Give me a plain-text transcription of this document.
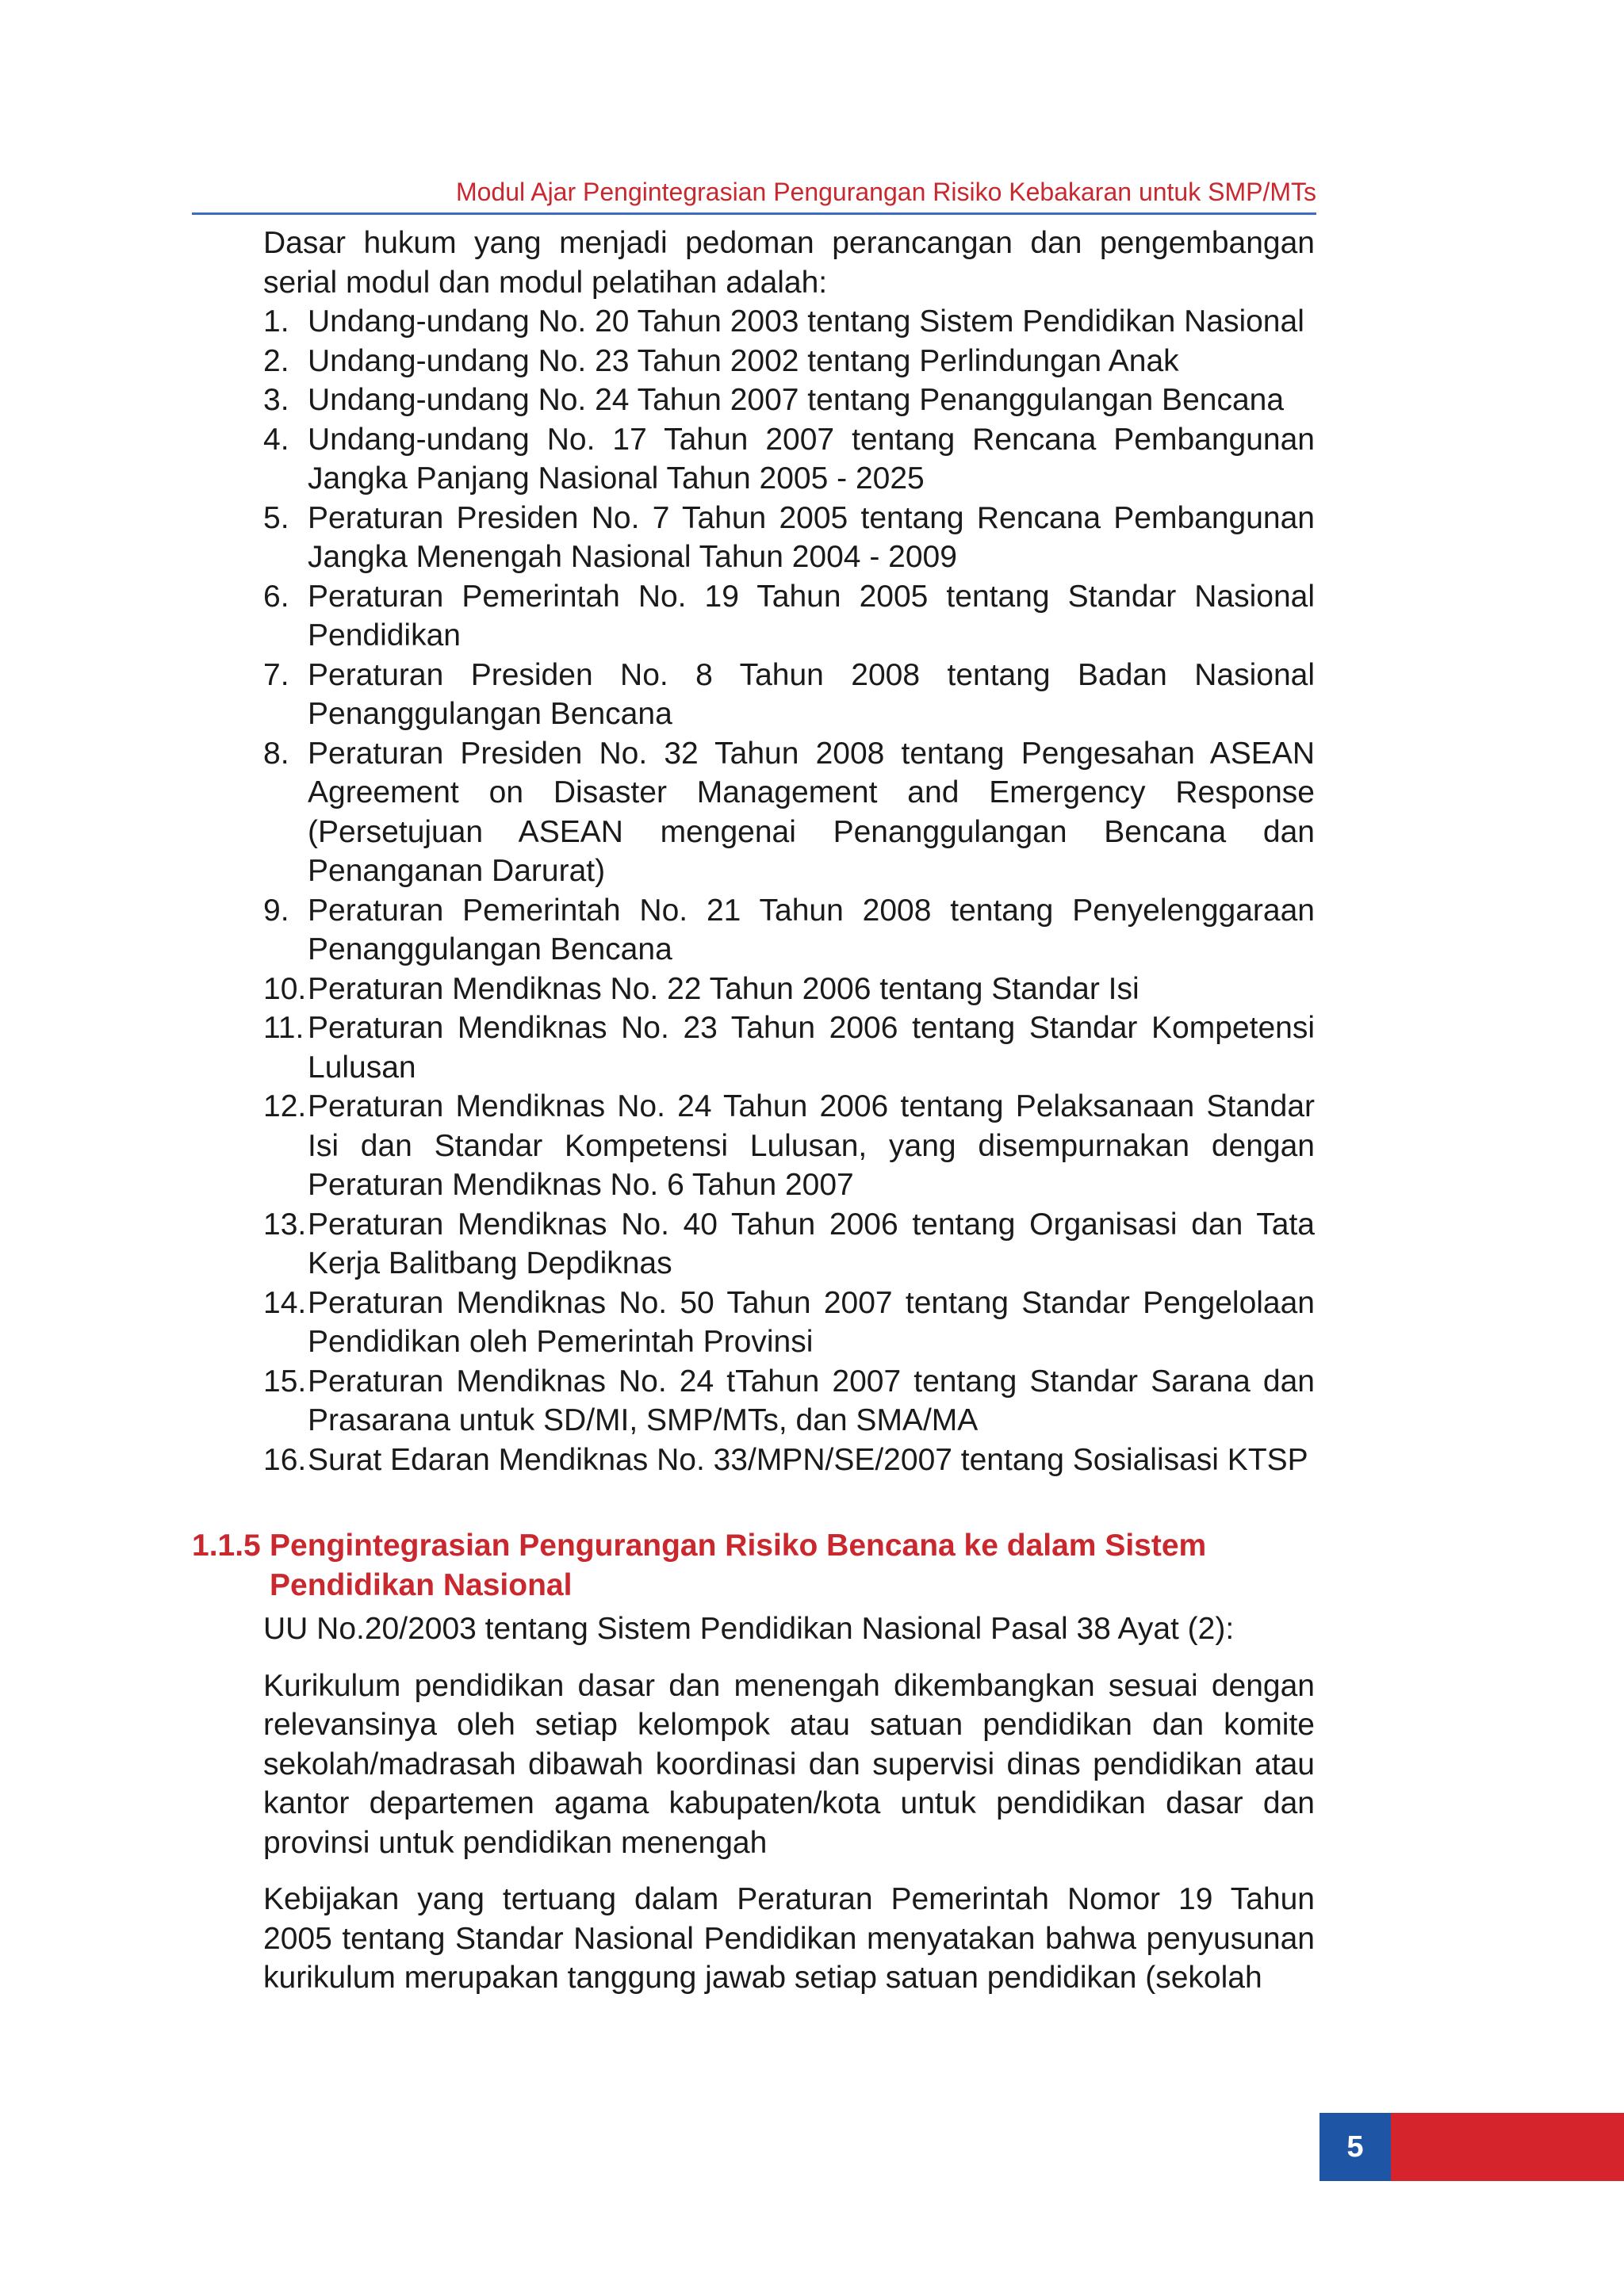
Modul Ajar Pengintegrasian Pengurangan Risiko Kebakaran untuk SMP/MTs

Dasar hukum yang menjadi pedoman perancangan dan pengembangan serial modul dan modul pelatihan adalah:

1. Undang-undang No. 20 Tahun 2003 tentang Sistem Pendidikan Nasional
2. Undang-undang No. 23 Tahun 2002 tentang Perlindungan Anak
3. Undang-undang No. 24 Tahun 2007 tentang Penanggulangan Bencana
4. Undang-undang No. 17 Tahun 2007 tentang Rencana Pembangunan Jangka Panjang Nasional Tahun 2005 - 2025
5. Peraturan Presiden No. 7 Tahun 2005 tentang Rencana Pembangunan Jangka Menengah Nasional Tahun 2004 - 2009
6. Peraturan Pemerintah No. 19 Tahun 2005 tentang Standar Nasional Pendidikan
7. Peraturan Presiden No. 8 Tahun 2008 tentang Badan Nasional Penanggulangan Bencana
8. Peraturan Presiden No. 32 Tahun 2008 tentang Pengesahan ASEAN Agreement on Disaster Management and Emergency Response (Persetujuan ASEAN mengenai Penanggulangan Bencana dan Penanganan Darurat)
9. Peraturan Pemerintah No. 21 Tahun 2008 tentang Penyelenggaraan Penanggulangan Bencana
10. Peraturan Mendiknas No. 22 Tahun 2006 tentang Standar Isi
11. Peraturan Mendiknas No. 23 Tahun 2006 tentang Standar Kompetensi Lulusan
12. Peraturan Mendiknas No. 24 Tahun 2006 tentang Pelaksanaan Standar Isi dan Standar Kompetensi Lulusan, yang disempurnakan dengan Peraturan Mendiknas No. 6 Tahun 2007
13. Peraturan Mendiknas No. 40 Tahun 2006 tentang Organisasi dan Tata Kerja Balitbang Depdiknas
14. Peraturan Mendiknas No. 50 Tahun 2007 tentang Standar Pengelolaan Pendidikan oleh Pemerintah Provinsi
15. Peraturan Mendiknas No. 24 tTahun 2007 tentang Standar Sarana dan Prasarana untuk SD/MI, SMP/MTs, dan SMA/MA
16. Surat Edaran Mendiknas No. 33/MPN/SE/2007 tentang Sosialisasi KTSP
1.1.5 Pengintegrasian Pengurangan Risiko Bencana ke dalam Sistem
Pendidikan Nasional

UU No.20/2003 tentang Sistem Pendidikan Nasional Pasal 38 Ayat (2):

Kurikulum pendidikan dasar dan menengah dikembangkan sesuai dengan relevansinya oleh setiap kelompok atau satuan pendidikan dan komite sekolah/madrasah dibawah koordinasi dan supervisi dinas pendidikan atau kantor departemen agama kabupaten/kota untuk pendidikan dasar dan provinsi untuk pendidikan menengah

Kebijakan yang tertuang dalam Peraturan Pemerintah Nomor 19 Tahun 2005 tentang Standar Nasional Pendidikan menyatakan bahwa penyusunan kurikulum merupakan tanggung jawab setiap satuan pendidikan (sekolah

5
